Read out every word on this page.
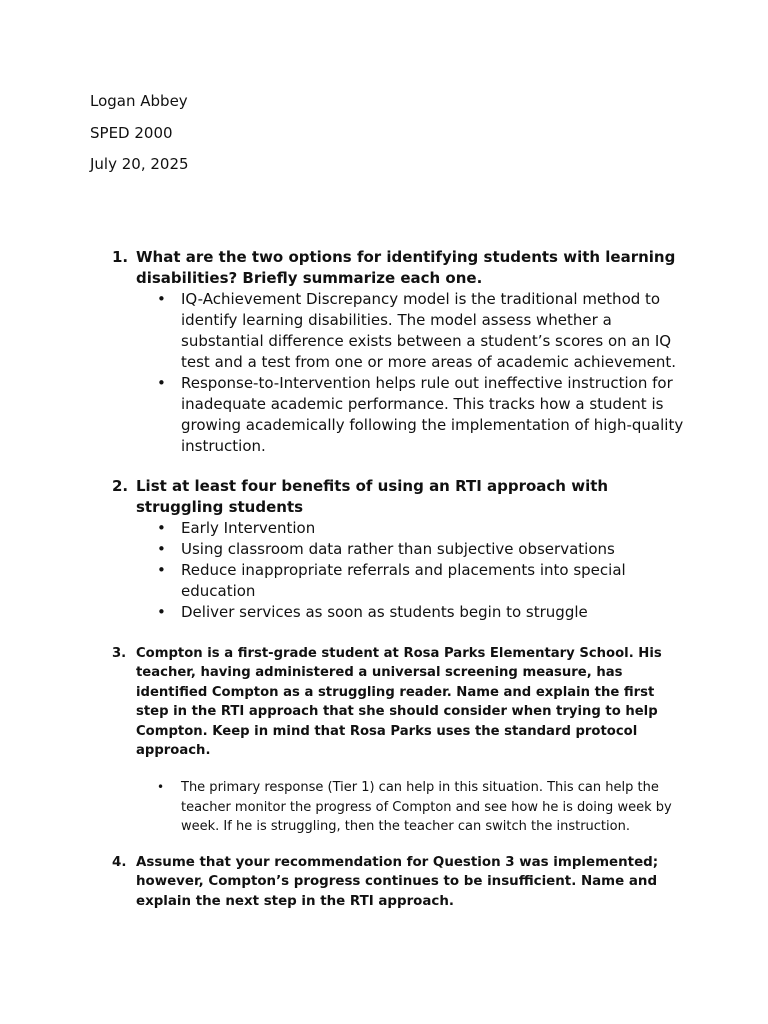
Logan Abbey
SPED 2000
July 20, 2025
1. What are the two options for identifying students with learning disabilities? Briefly summarize each one.
• IQ-Achievement Discrepancy model is the traditional method to identify learning disabilities. The model assess whether a substantial difference exists between a student’s scores on an IQ test and a test from one or more areas of academic achievement.
• Response-to-Intervention helps rule out ineffective instruction for inadequate academic performance. This tracks how a student is growing academically following the implementation of high-quality instruction.
2. List at least four benefits of using an RTI approach with struggling students
• Early Intervention
• Using classroom data rather than subjective observations
• Reduce inappropriate referrals and placements into special education
• Deliver services as soon as students begin to struggle
3. Compton is a first-grade student at Rosa Parks Elementary School. His teacher, having administered a universal screening measure, has identified Compton as a struggling reader. Name and explain the first step in the RTI approach that she should consider when trying to help Compton. Keep in mind that Rosa Parks uses the standard protocol approach.
• The primary response (Tier 1) can help in this situation. This can help the teacher monitor the progress of Compton and see how he is doing week by week. If he is struggling, then the teacher can switch the instruction.
4. Assume that your recommendation for Question 3 was implemented; however, Compton’s progress continues to be insufficient. Name and explain the next step in the RTI approach.
